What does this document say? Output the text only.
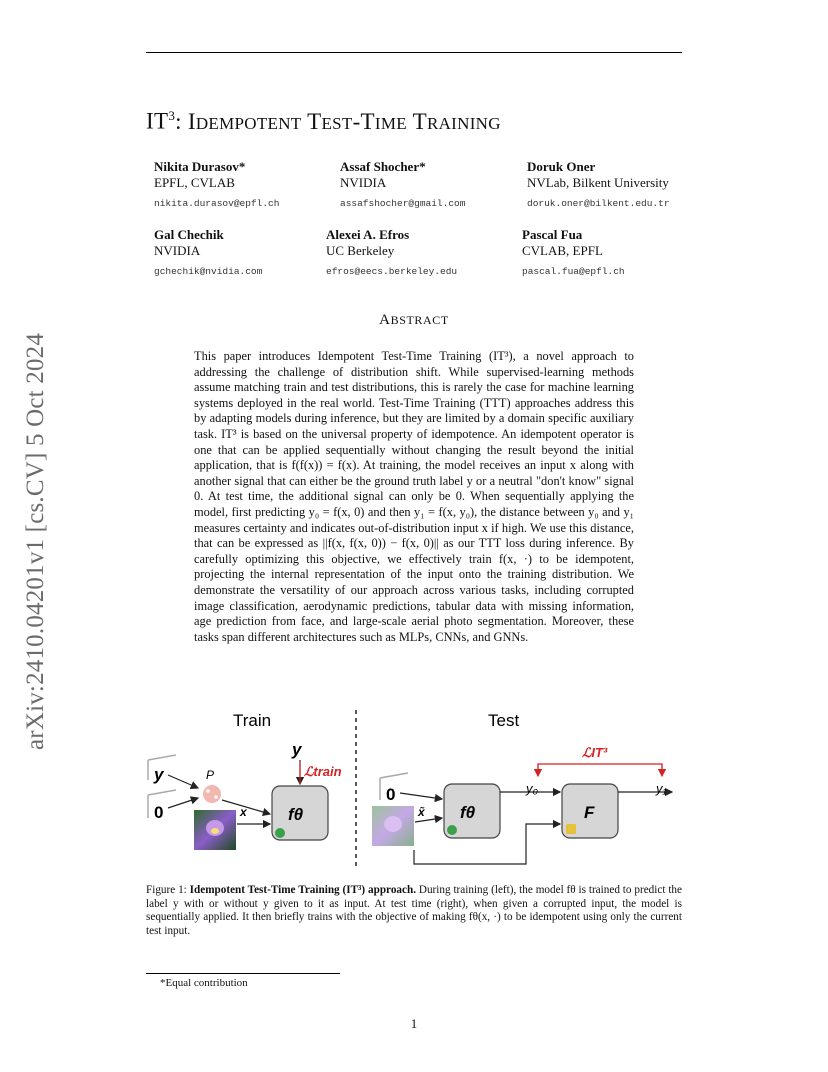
$IT^3$: IDEMPOTENT TEST-TIME TRAINING
arXiv:2410.04201v1 [cs.CV] 5 Oct 2024
Nikita Durasov*
EPFL, CVLAB
nikita.durasov@epfl.ch
Assaf Shocher*
NVIDIA
assafshocher@gmail.com
Doruk Oner
NVLab, Bilkent University
doruk.oner@bilkent.edu.tr
Gal Chechik
NVIDIA
gchechik@nvidia.com
Alexei A. Efros
UC Berkeley
efros@eecs.berkeley.edu
Pascal Fua
CVLAB, EPFL
pascal.fua@epfl.ch
ABSTRACT
This paper introduces Idempotent Test-Time Training (IT³), a novel approach to addressing the challenge of distribution shift. While supervised-learning methods assume matching train and test distributions, this is rarely the case for machine learning systems deployed in the real world. Test-Time Training (TTT) approaches address this by adapting models during inference, but they are limited by a domain specific auxiliary task. IT³ is based on the universal property of idempotence. An idempotent operator is one that can be applied sequentially without changing the result beyond the initial application, that is f(f(x)) = f(x). At training, the model receives an input x along with another signal that can either be the ground truth label y or a neutral "don't know" signal 0. At test time, the additional signal can only be 0. When sequentially applying the model, first predicting y₀ = f(x, 0) and then y₁ = f(x, y₀), the distance between y₀ and y₁ measures certainty and indicates out-of-distribution input x if high. We use this distance, that can be expressed as ||f(x, f(x, 0)) − f(x, 0)|| as our TTT loss during inference. By carefully optimizing this objective, we effectively train f(x, ·) to be idempotent, projecting the internal representation of the input onto the training distribution. We demonstrate the versatility of our approach across various tasks, including corrupted image classification, aerodynamic predictions, tabular data with missing information, age prediction from face, and large-scale aerial photo segmentation. Moreover, these tasks span different architectures such as MLPs, CNNs, and GNNs.
Train	Test
y
0
P
x fθ
y
ℒtrain
0
x̃ fθ
y₀
F
y₁
ℒIT³
Figure 1: Idempotent Test-Time Training (IT³) approach. During training (left), the model fθ is trained to predict the label y with or without y given to it as input. At test time (right), when given a corrupted input, the model is sequentially applied. It then briefly trains with the objective of making fθ(x, ·) to be idempotent using only the current test input.
*Equal contribution
1
